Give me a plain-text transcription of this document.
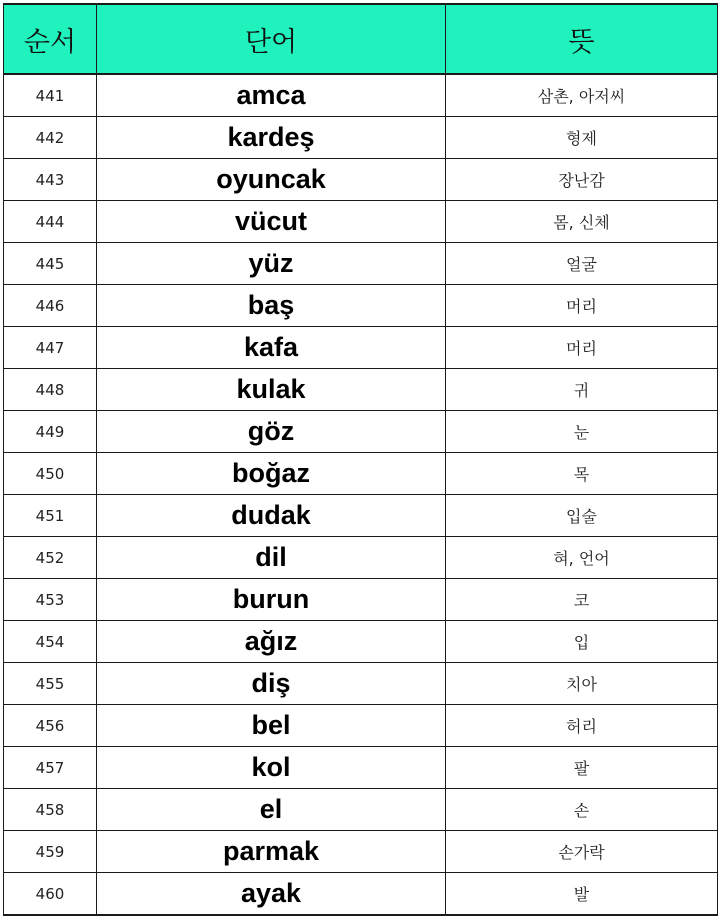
순서	단어	뜻
441	amca	삼촌, 아저씨
442	kardeş	형제
443	oyuncak	장난감
444	vücut	몸, 신체
445	yüz	얼굴
446	baş	머리
447	kafa	머리
448	kulak	귀
449	göz	눈
450	boğaz	목
451	dudak	입술
452	dil	혀, 언어
453	burun	코
454	ağız	입
455	diş	치아
456	bel	허리
457	kol	팔
458	el	손
459	parmak	손가락
460	ayak	발
